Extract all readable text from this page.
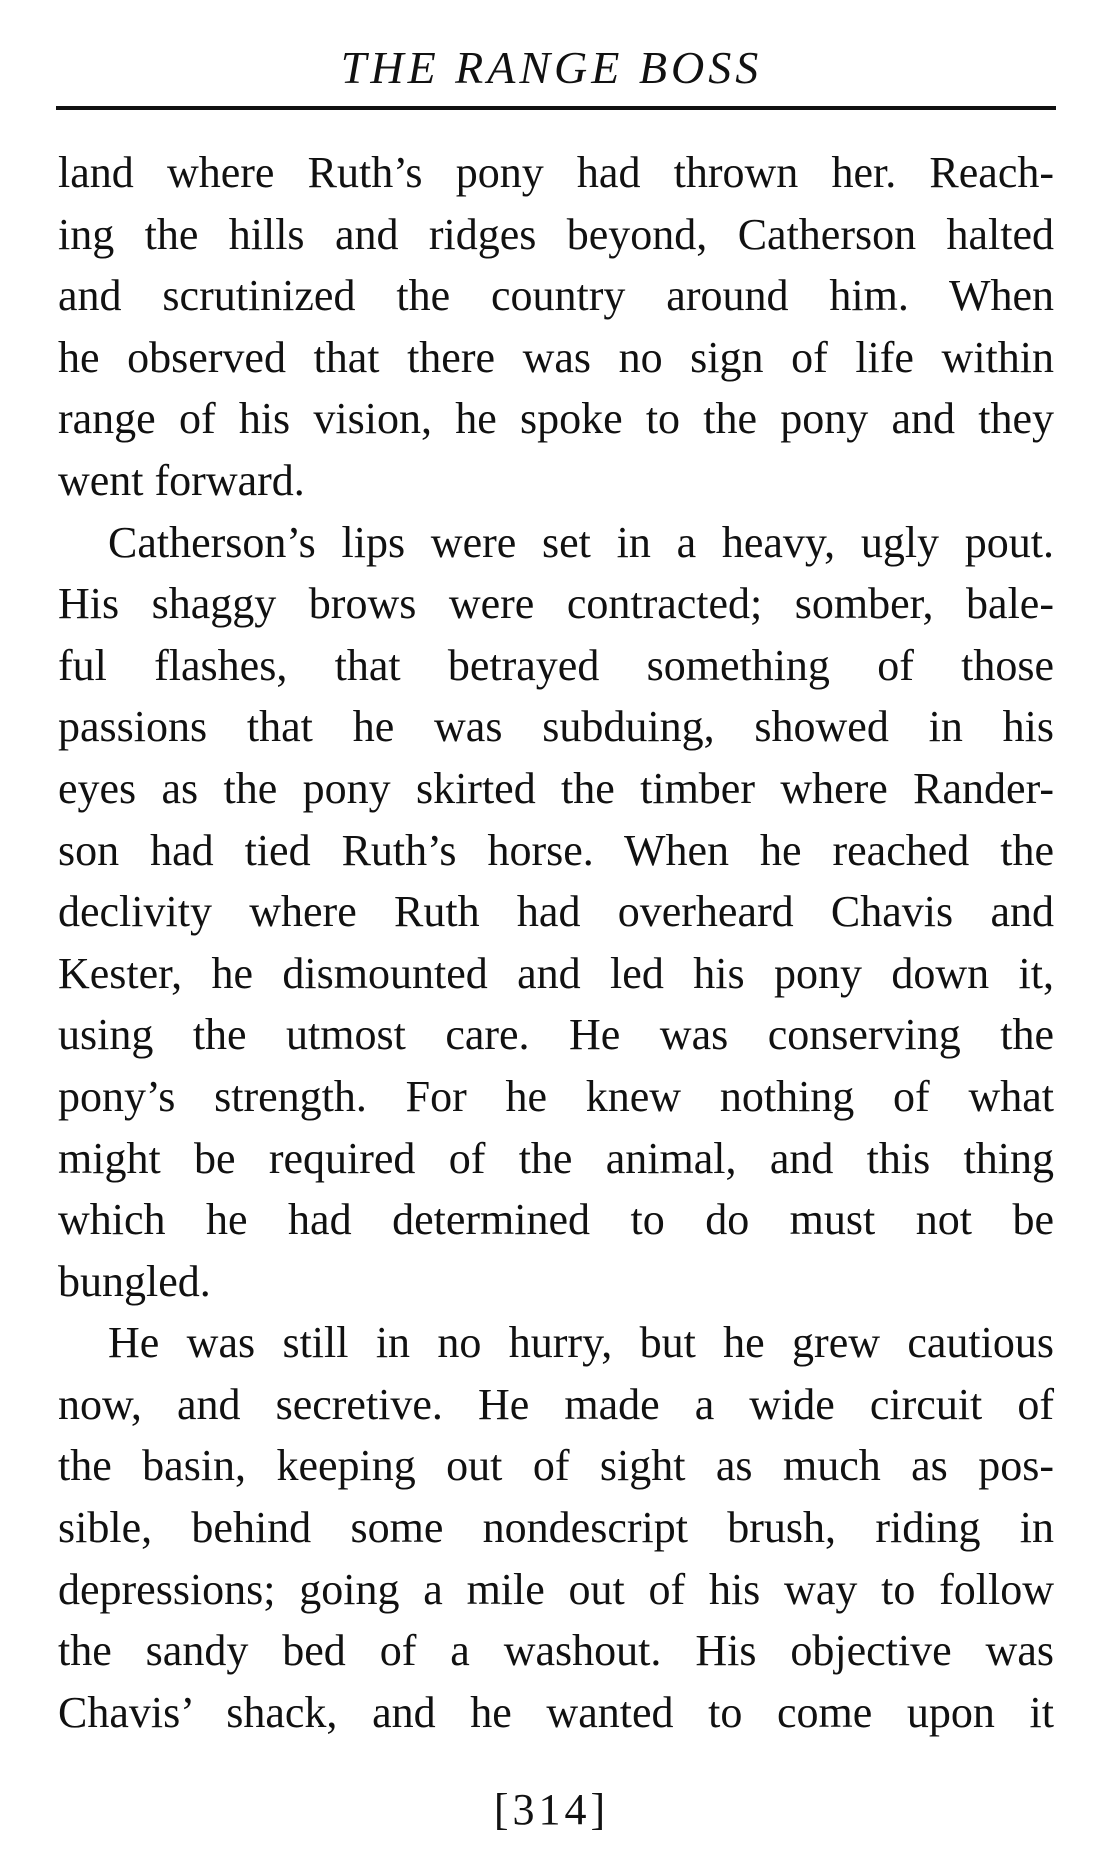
THE RANGE BOSS
land where Ruth’s pony had thrown her. Reach-
ing the hills and ridges beyond, Catherson halted
and scrutinized the country around him. When
he observed that there was no sign of life within
range of his vision, he spoke to the pony and they
went forward.
Catherson’s lips were set in a heavy, ugly pout.
His shaggy brows were contracted; somber, bale-
ful flashes, that betrayed something of those
passions that he was subduing, showed in his
eyes as the pony skirted the timber where Rander-
son had tied Ruth’s horse. When he reached the
declivity where Ruth had overheard Chavis and
Kester, he dismounted and led his pony down it,
using the utmost care. He was conserving the
pony’s strength. For he knew nothing of what
might be required of the animal, and this thing
which he had determined to do must not be
bungled.
He was still in no hurry, but he grew cautious
now, and secretive. He made a wide circuit of
the basin, keeping out of sight as much as pos-
sible, behind some nondescript brush, riding in
depressions; going a mile out of his way to follow
the sandy bed of a washout. His objective was
Chavis’ shack, and he wanted to come upon it
[314]
